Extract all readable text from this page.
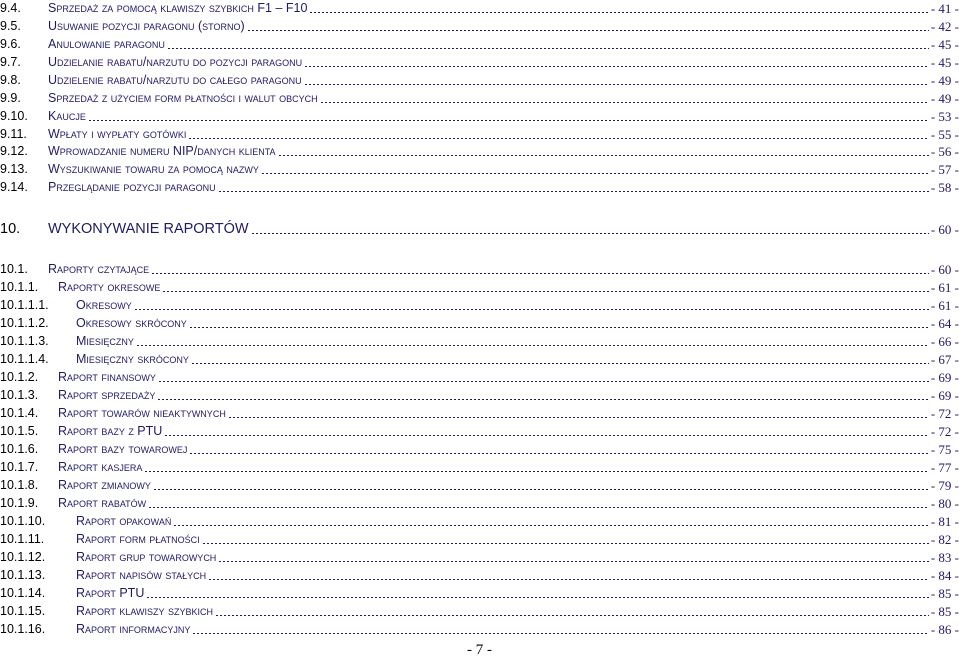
9.4.	Sprzedaż za pomocą klawiszy szybkich F1 – F10	- 41 -
9.5.	Usuwanie pozycji paragonu (storno)	- 42 -
9.6.	Anulowanie paragonu	- 45 -
9.7.	Udzielanie rabatu/narzutu do pozycji paragonu	- 45 -
9.8.	Udzielenie rabatu/narzutu do całego paragonu	- 49 -
9.9.	Sprzedaż z użyciem form płatności i walut obcych	- 49 -
9.10.	Kaucje	- 53 -
9.11.	Wpłaty i wypłaty gotówki	- 55 -
9.12.	Wprowadzanie numeru NIP/danych klienta	- 56 -
9.13.	Wyszukiwanie towaru za pomocą nazwy	- 57 -
9.14.	Przeglądanie pozycji paragonu	- 58 -
10.	WYKONYWANIE RAPORTÓW	- 60 -
10.1.	Raporty czytające	- 60 -
10.1.1.	Raporty okresowe	- 61 -
10.1.1.1.	Okresowy	- 61 -
10.1.1.2.	Okresowy skrócony	- 64 -
10.1.1.3.	Miesięczny	- 66 -
10.1.1.4.	Miesięczny skrócony	- 67 -
10.1.2.	Raport finansowy	- 69 -
10.1.3.	Raport sprzedaży	- 69 -
10.1.4.	Raport towarów nieaktywnych	- 72 -
10.1.5.	Raport bazy z PTU	- 72 -
10.1.6.	Raport bazy towarowej	- 75 -
10.1.7.	Raport kasjera	- 77 -
10.1.8.	Raport zmianowy	- 79 -
10.1.9.	Raport rabatów	- 80 -
10.1.10.	Raport opakowań	- 81 -
10.1.11.	Raport form płatności	- 82 -
10.1.12.	Raport grup towarowych	- 83 -
10.1.13.	Raport napisów stałych	- 84 -
10.1.14.	Raport PTU	- 85 -
10.1.15.	Raport klawiszy szybkich	- 85 -
10.1.16.	Raport informacyjny	- 86 -
- 7 -
